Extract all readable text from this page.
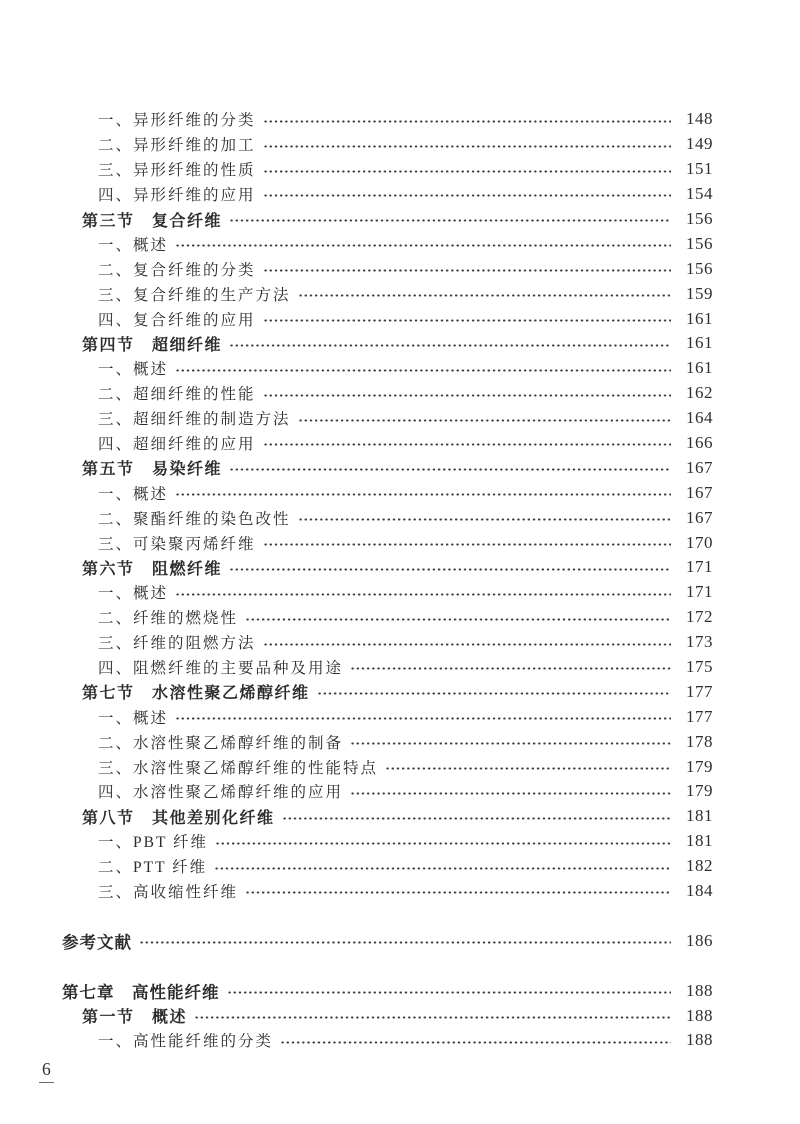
一、异形纤维的分类	148
二、异形纤维的加工	149
三、异形纤维的性质	151
四、异形纤维的应用	154
第三节　复合纤维	156
一、概述	156
二、复合纤维的分类	156
三、复合纤维的生产方法	159
四、复合纤维的应用	161
第四节　超细纤维	161
一、概述	161
二、超细纤维的性能	162
三、超细纤维的制造方法	164
四、超细纤维的应用	166
第五节　易染纤维	167
一、概述	167
二、聚酯纤维的染色改性	167
三、可染聚丙烯纤维	170
第六节　阻燃纤维	171
一、概述	171
二、纤维的燃烧性	172
三、纤维的阻燃方法	173
四、阻燃纤维的主要品种及用途	175
第七节　水溶性聚乙烯醇纤维	177
一、概述	177
二、水溶性聚乙烯醇纤维的制备	178
三、水溶性聚乙烯醇纤维的性能特点	179
四、水溶性聚乙烯醇纤维的应用	179
第八节　其他差别化纤维	181
一、PBT 纤维	181
二、PTT 纤维	182
三、高收缩性纤维	184
参考文献	186
第七章　高性能纤维	188
第一节　概述	188
一、高性能纤维的分类	188
6
